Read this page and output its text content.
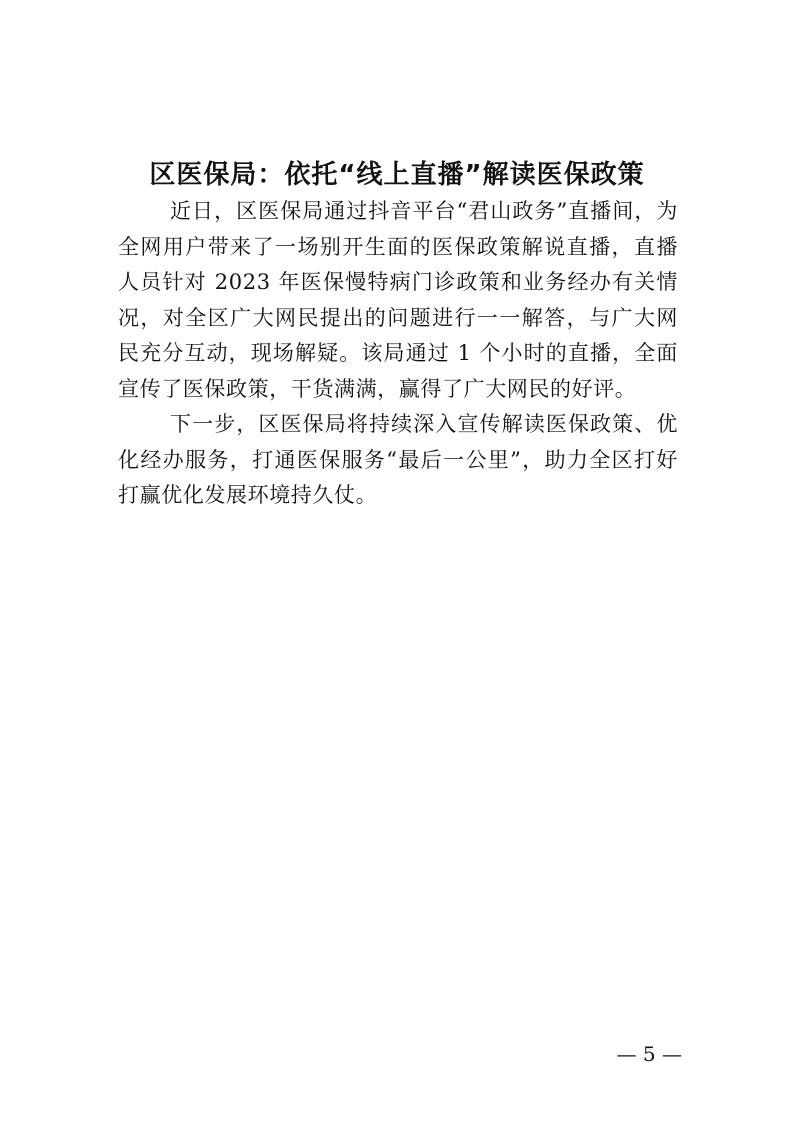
区医保局：依托“线上直播”解读医保政策

近日，区医保局通过抖音平台“君山政务”直播间，为全网用户带来了一场别开生面的医保政策解说直播，直播人员针对 2023 年医保慢特病门诊政策和业务经办有关情况，对全区广大网民提出的问题进行一一解答，与广大网民充分互动，现场解疑。该局通过 1 个小时的直播，全面宣传了医保政策，干货满满，赢得了广大网民的好评。

下一步，区医保局将持续深入宣传解读医保政策、优化经办服务，打通医保服务“最后一公里”，助力全区打好打赢优化发展环境持久仗。

— 5 —
